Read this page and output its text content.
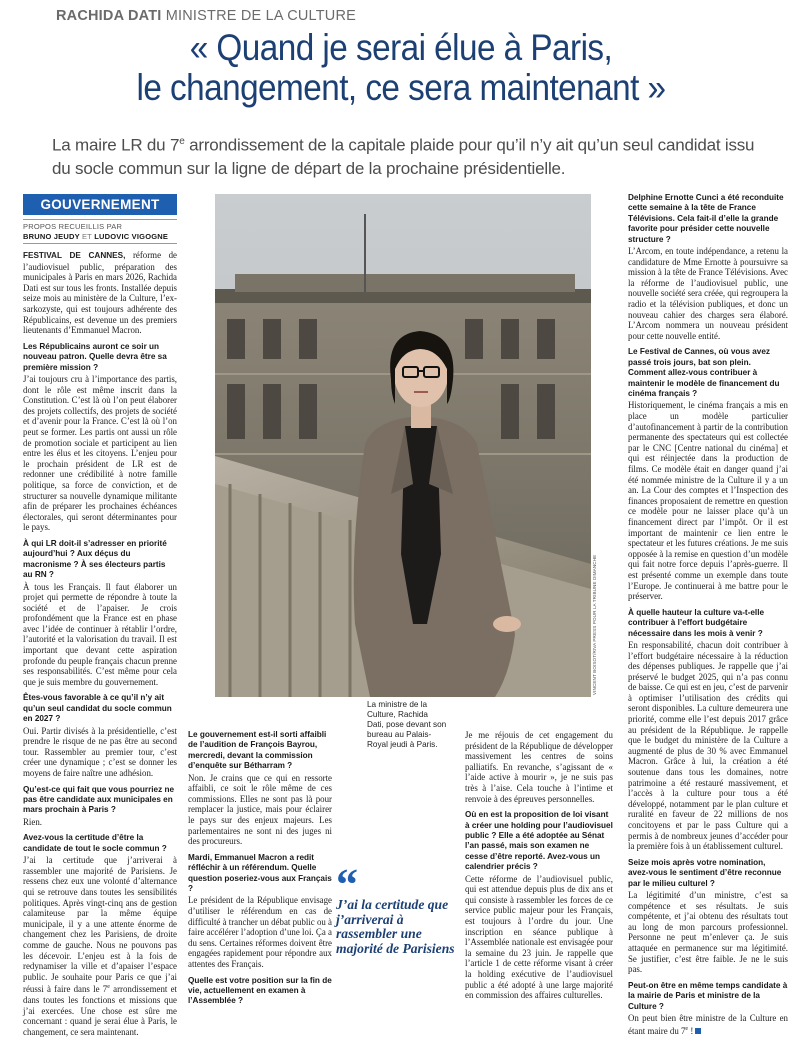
RACHIDA DATI MINISTRE DE LA CULTURE
« Quand je serai élue à Paris,
le changement, ce sera maintenant »
La maire LR du 7e arrondissement de la capitale plaide pour qu’il n’y ait qu’un seul candidat issu du socle commun sur la ligne de départ de la prochaine présidentielle.
GOUVERNEMENT
PROPOS RECUEILLIS PAR
BRUNO JEUDY ET LUDOVIC VIGOGNE

FESTIVAL DE CANNES, réforme de l’audiovisuel public, préparation des municipales à Paris en mars 2026, Rachida Dati est sur tous les fronts. Installée depuis seize mois au ministère de la Culture, l’ex-sarkozyste, qui est toujours adhérente des Républicains, est devenue un des premiers lieutenants d’Emmanuel Macron.

Les Républicains auront ce soir un nouveau patron. Quelle devra être sa première mission ?

J’ai toujours cru à l’importance des partis, dont le rôle est même inscrit dans la Constitution. C’est là où l’on peut élaborer des projets collectifs, des projets de société et d’avenir pour la France. C’est là où l’on peut se former. Les partis ont aussi un rôle de promotion sociale et participent au lien entre les élus et les citoyens. L’enjeu pour le prochain président de LR est de redonner une crédibilité à notre famille politique, sa force de conviction, et de structurer sa nouvelle dynamique militante afin de préparer les prochaines échéances électorales, qui seront déterminantes pour le pays.

À qui LR doit-il s’adresser en priorité aujourd’hui ? Aux déçus du macronisme ? À ses électeurs partis au RN ?

À tous les Français. Il faut élaborer un projet qui permette de répondre à toute la société et de l’apaiser. Je crois profondément que la France est en phase avec l’idée de continuer à rétablir l’ordre, l’autorité et la valorisation du travail. Il est important que devant cette aspiration profonde du peuple français chacun prenne ses responsabilités. C’est même pour cela que je suis membre du gouvernement.

Êtes-vous favorable à ce qu’il n’y ait qu’un seul candidat du socle commun en 2027 ?

Oui. Partir divisés à la présidentielle, c’est prendre le risque de ne pas être au second tour. Rassembler au premier tour, c’est créer une dynamique ; c’est se donner les moyens de faire naître une adhésion.

Qu’est-ce qui fait que vous pourriez ne pas être candidate aux municipales en mars prochain à Paris ?

Rien.

Avez-vous la certitude d’être la candidate de tout le socle commun ?

J’ai la certitude que j’arriverai à rassembler une majorité de Parisiens. Je ressens chez eux une volonté d’alternance qui se retrouve dans toutes les sensibilités politiques. Après vingt-cinq ans de gestion calamiteuse par la même équipe municipale, il y a une attente énorme de changement chez les Parisiens, de droite comme de gauche. Nous ne pouvons pas les décevoir. L’enjeu est à la fois de redynamiser la ville et d’apaiser l’espace public. Je souhaite pour Paris ce que j’ai réussi à faire dans le 7e arrondissement et dans toutes les fonctions et missions que j’ai exercées. Une chose est sûre me concernant : quand je serai élue à Paris, le changement, ce sera maintenant.

VINCENT BOISOT/RIVA PRESS POUR LA TRIBUNE DIMANCHE
La ministre de la Culture, Rachida Dati, pose devant son bureau au Palais-Royal jeudi à Paris.
Le gouvernement est-il sorti affaibli de l’audition de François Bayrou, mercredi, devant la commission d’enquête sur Bétharram ?

Non. Je crains que ce qui en ressorte affaibli, ce soit le rôle même de ces commissions. Elles ne sont pas là pour remplacer la justice, mais pour éclairer le pays sur des enjeux majeurs. Les parlementaires ne sont ni des juges ni des procureurs.

Mardi, Emmanuel Macron a redit réfléchir à un référendum. Quelle question poseriez-vous aux Français ?

Le président de la République envisage d’utiliser le référendum en cas de difficulté à trancher un débat public ou à faire accélérer l’adoption d’une loi. Ça a du sens. Certaines réformes doivent être engagées rapidement pour répondre aux attentes des Français.

Quelle est votre position sur la fin de vie, actuellement en examen à l’Assemblée ?
“
J’ai la certitude que j’arriverai à rassembler une majorité de Parisiens

Je me réjouis de cet engagement du président de la République de développer massivement les centres de soins palliatifs. En revanche, s’agissant de « l’aide active à mourir », je ne suis pas très à l’aise. Cela touche à l’intime et renvoie à des épreuves personnelles.

Où en est la proposition de loi visant à créer une holding pour l’audiovisuel public ? Elle a été adoptée au Sénat l’an passé, mais son examen ne cesse d’être reporté. Avez-vous un calendrier précis ?

Cette réforme de l’audiovisuel public, qui est attendue depuis plus de dix ans et qui consiste à rassembler les forces de ce service public majeur pour les Français, est toujours à l’ordre du jour. Une inscription en séance publique à l’Assemblée nationale est envisagée pour la semaine du 23 juin. Je rappelle que l’article 1 de cette réforme visant à créer la holding exécutive de l’audiovisuel public a été adopté à une large majorité en commission des affaires culturelles.

Delphine Ernotte Cunci a été reconduite cette semaine à la tête de France Télévisions. Cela fait-il d’elle la grande favorite pour présider cette nouvelle structure ?

L’Arcom, en toute indépendance, a retenu la candidature de Mme Ernotte à poursuivre sa mission à la tête de France Télévisions. Avec la réforme de l’audiovisuel public, une nouvelle société sera créée, qui regroupera la radio et la télévision publiques, et donc un nouveau cahier des charges sera élaboré. L’Arcom nommera un nouveau président pour cette nouvelle entité.

Le Festival de Cannes, où vous avez passé trois jours, bat son plein. Comment allez-vous contribuer à maintenir le modèle de financement du cinéma français ?

Historiquement, le cinéma français a mis en place un modèle particulier d’autofinancement à partir de la contribution permanente des spectateurs qui est collectée par le CNC [Centre national du cinéma] et qui est réinjectée dans la production de films. Ce modèle était en danger quand j’ai été nommée ministre de la Culture il y a un an. La Cour des comptes et l’Inspection des finances proposaient de remettre en question ce modèle pour ne laisser place qu’à un financement direct par l’impôt. Or il est important de maintenir ce lien entre le spectateur et les futures créations. Je me suis opposée à la remise en question d’un modèle qui fait notre force depuis l’après-guerre. Il est présenté comme un exemple dans toute l’Europe. Je continuerai à me battre pour le préserver.

À quelle hauteur la culture va-t-elle contribuer à l’effort budgétaire nécessaire dans les mois à venir ?

En responsabilité, chacun doit contribuer à l’effort budgétaire nécessaire à la réduction des dépenses publiques. Je rappelle que j’ai préservé le budget 2025, qui n’a pas connu de baisse. Ce qui est en jeu, c’est de parvenir à optimiser l’utilisation des crédits qui seront disponibles. La culture demeurera une priorité, comme elle l’est depuis 2017 grâce au président de la République. Je rappelle que le budget du ministère de la Culture a augmenté de plus de 30 % avec Emmanuel Macron. Grâce à lui, la création a été soutenue dans tous les domaines, notre patrimoine a été restauré massivement, et l’accès à la culture pour tous a été développé, notamment par le plan culture et ruralité en faveur de 22 millions de nos concitoyens et par le pass Culture qui a permis à de nombreux jeunes d’accéder pour la première fois à un établissement culturel.

Seize mois après votre nomination, avez-vous le sentiment d’être reconnue par le milieu culturel ?

La légitimité d’un ministre, c’est sa compétence et ses résultats. Je suis compétente, et j’ai obtenu des résultats tout au long de mon parcours professionnel. Personne ne peut m’enlever ça. Je suis attaquée en permanence sur ma légitimité. Se justifier, c’est être faible. Je ne le suis pas.

Peut-on être en même temps candidate à la mairie de Paris et ministre de la Culture ?

On peut bien être ministre de la Culture en étant maire du 7e !
